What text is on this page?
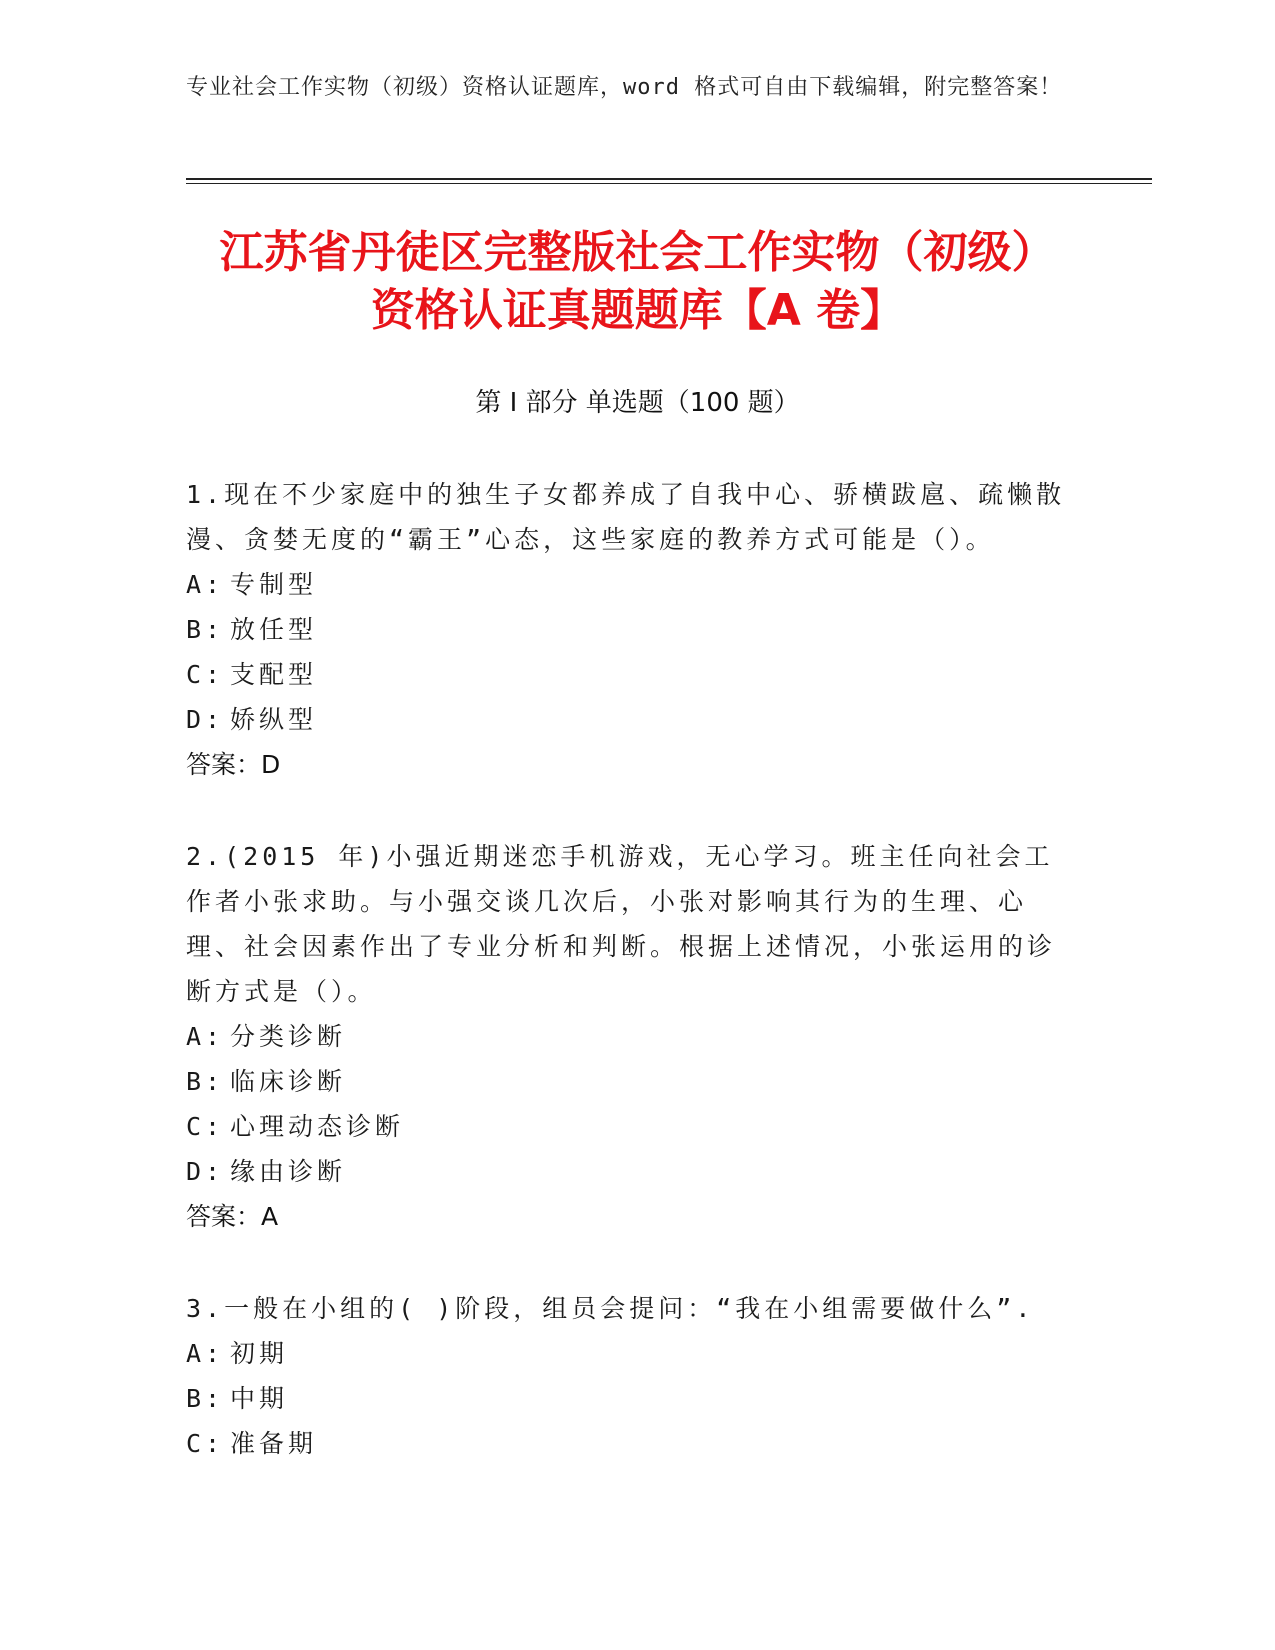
专业社会工作实物（初级）资格认证题库，word 格式可自由下载编辑，附完整答案！
江苏省丹徒区完整版社会工作实物（初级）
资格认证真题题库【A 卷】
第 I 部分 单选题（100 题）
1.现在不少家庭中的独生子女都养成了自我中心、骄横跋扈、疏懒散漫、贪婪无度的“霸王”心态，这些家庭的教养方式可能是（）。
A: 专制型
B: 放任型
C: 支配型
D: 娇纵型
答案：D
2.(2015 年)小强近期迷恋手机游戏，无心学习。班主任向社会工作者小张求助。与小强交谈几次后，小张对影响其行为的生理、心理、社会因素作出了专业分析和判断。根据上述情况，小张运用的诊断方式是（）。
A: 分类诊断
B: 临床诊断
C: 心理动态诊断
D: 缘由诊断
答案：A
3.一般在小组的( )阶段，组员会提问：“我在小组需要做什么”.
A: 初期
B: 中期
C: 准备期
